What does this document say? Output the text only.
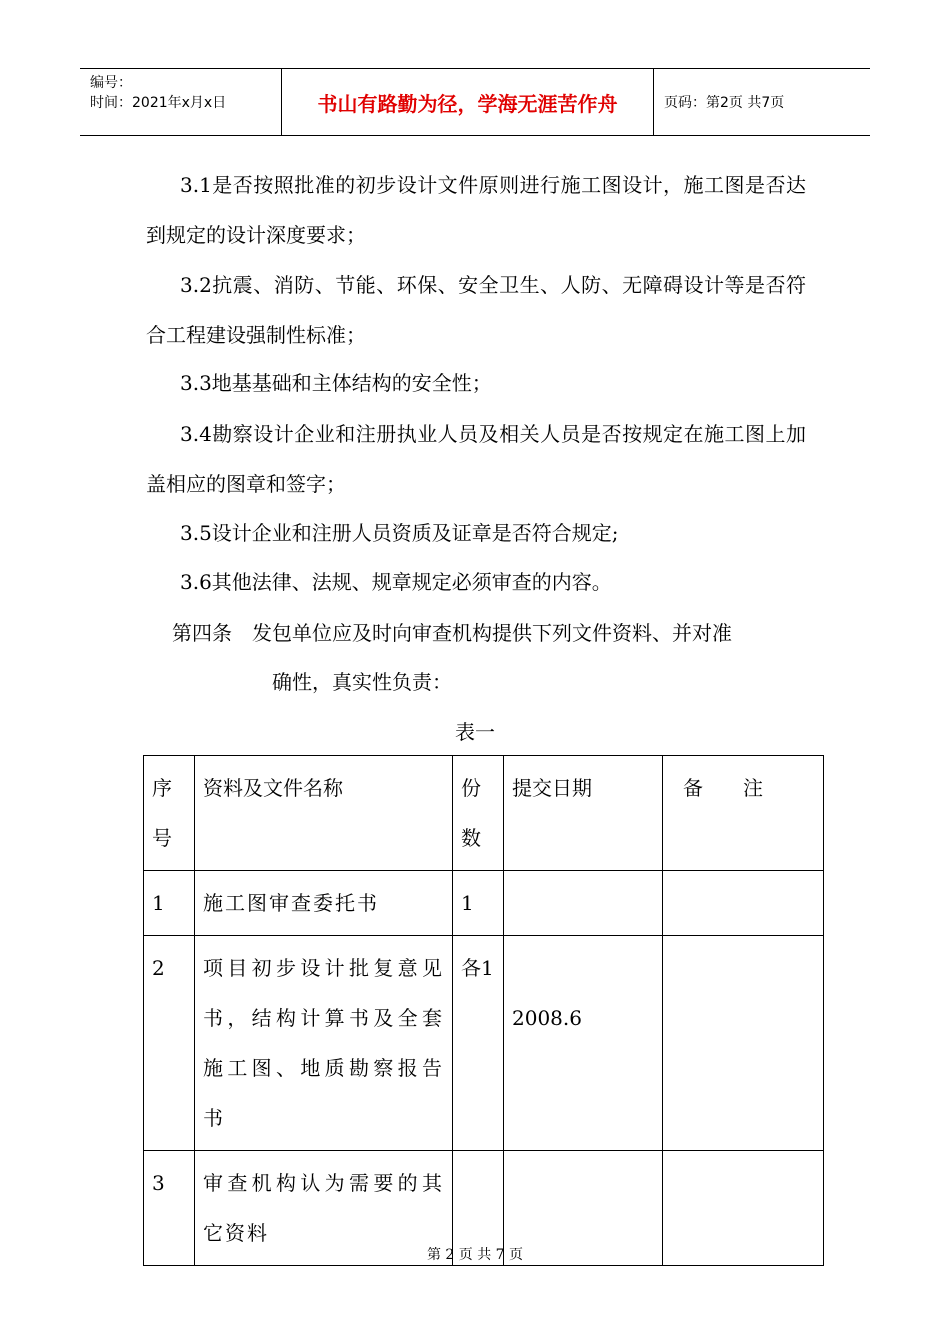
编号：
时间：2021年x月x日	书山有路勤为径，学海无涯苦作舟	页码：第2页 共7页

3.1是否按照批准的初步设计文件原则进行施工图设计，施工图是否达到规定的设计深度要求；

3.2抗震、消防、节能、环保、安全卫生、人防、无障碍设计等是否符合工程建设强制性标准；

3.3地基基础和主体结构的安全性；

3.4勘察设计企业和注册执业人员及相关人员是否按规定在施工图上加盖相应的图章和签字；

3.5设计企业和注册人员资质及证章是否符合规定;

3.6其他法律、法规、规章规定必须审查的内容。

第四条　发包单位应及时向审查机构提供下列文件资料、并对准

确性，真实性负责：

表一
序号	资料及文件名称	份数	提交日期	备　　注
1	施工图审查委托书	1		
2	项目初步设计批复意见书，结构计算书及全套施工图、地质勘察报告书	各1	2008.6	
3	审查机构认为需要的其它资料			
第 2 页 共 7 页
